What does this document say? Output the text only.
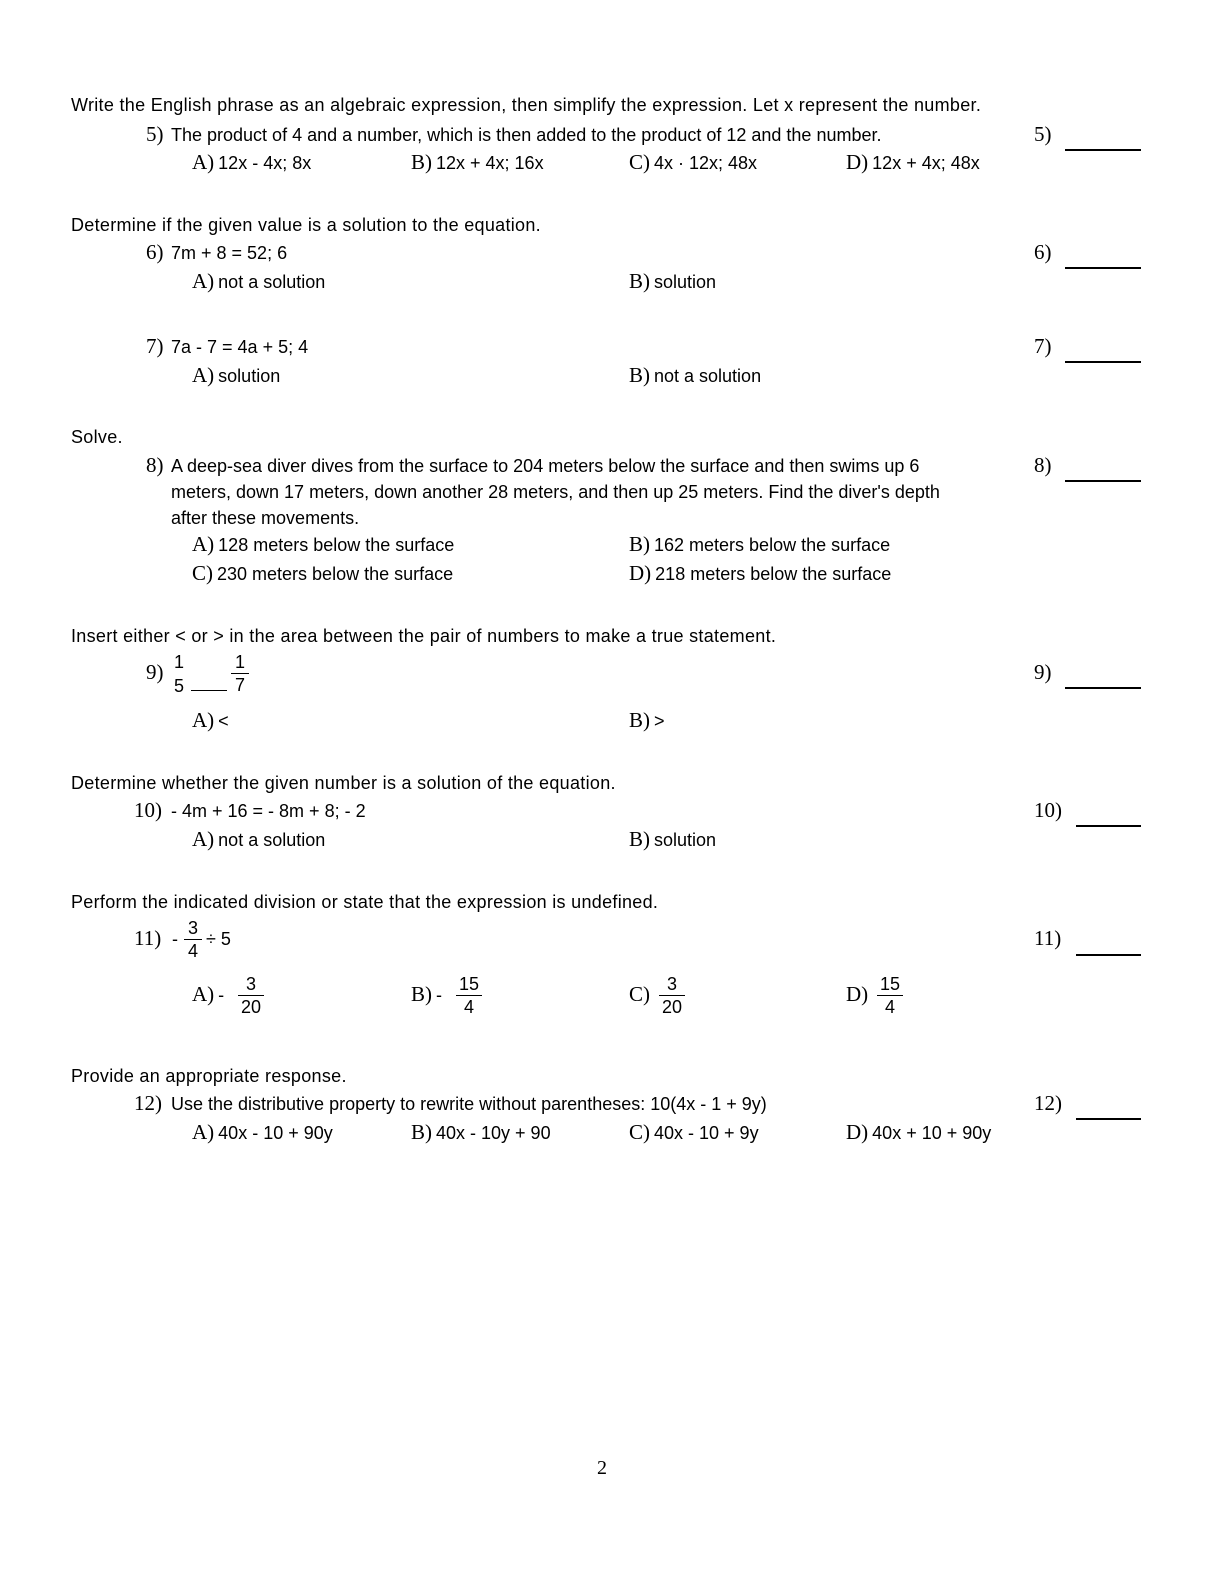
Write the English phrase as an algebraic expression, then simplify the expression. Let x represent the number.
5) The product of 4 and a number, which is then added to the product of 12 and the number.	5)
A) 12x - 4x; 8x	B) 12x + 4x; 16x	C) 4x · 12x; 48x	D) 12x + 4x; 48x
Determine if the given value is a solution to the equation.
6) 7m + 8 = 52; 6	6)
A) not a solution	B) solution
7) 7a - 7 = 4a + 5; 4	7)
A) solution	B) not a solution
Solve.
8) A deep-sea diver dives from the surface to 204 meters below the surface and then swims up 6
meters, down 17 meters, down another 28 meters, and then up 25 meters. Find the diver's depth
after these movements.
8)
A) 128 meters below the surface	B) 162 meters below the surface
C) 230 meters below the surface	D) 218 meters below the surface
Insert either < or > in the area between the pair of numbers to make a true statement.
9) 1
5
1
7
9)
A) <	B) >
Determine whether the given number is a solution of the equation.
10) - 4m + 16 = - 8m + 8; - 2	10)
A) not a solution	B) solution
Perform the indicated division or state that the expression is undefined.
11) -
3
4
÷ 5	11)
A) -
3
20
B) -
15
4
C) 3
20
D) 15
4
Provide an appropriate response.
12) Use the distributive property to rewrite without parentheses: 10(4x - 1 + 9y)	12)
A) 40x - 10 + 90y	B) 40x - 10y + 90	C) 40x - 10 + 9y	D) 40x + 10 + 90y
2
